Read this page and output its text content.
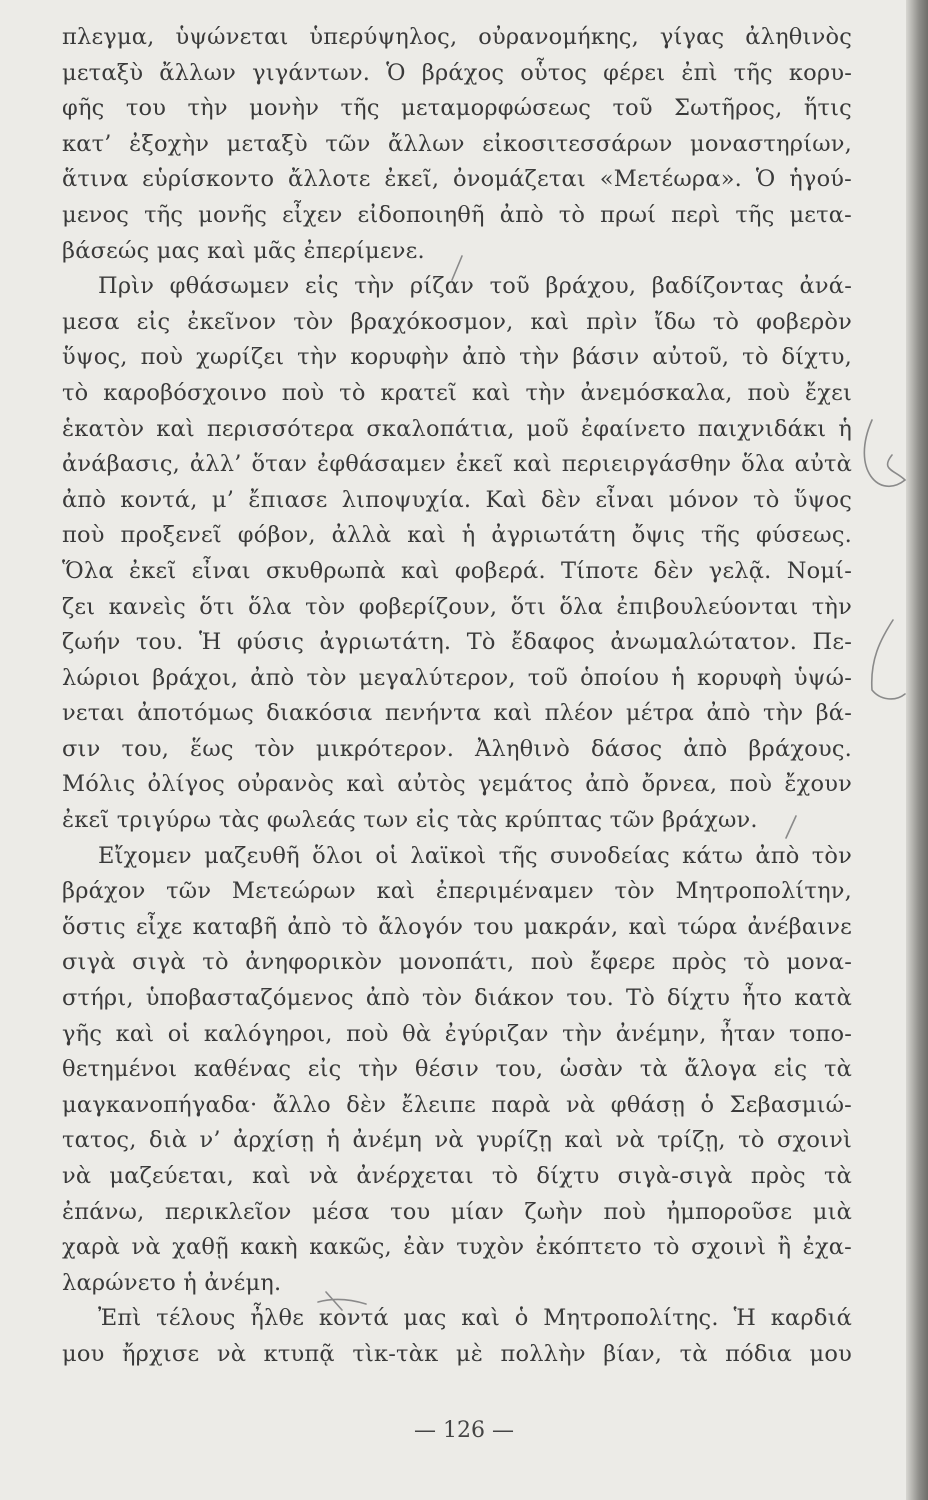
πλεγμα, ὑψώνεται ὑπερύψηλος, οὐρανομήκης, γίγας ἀληθινὸς
μεταξὺ ἄλλων γιγάντων. Ὁ βράχος οὗτος φέρει ἐπὶ τῆς κορυ-
φῆς του τὴν μονὴν τῆς μεταμορφώσεως τοῦ Σωτῆρος, ἥτις
κατ’ ἐξοχὴν μεταξὺ τῶν ἄλλων εἰκοσιτεσσάρων μοναστηρίων,
ἅτινα εὑρίσκοντο ἄλλοτε ἐκεῖ, ὀνομάζεται «Μετέωρα». Ὁ ἡγού-
μενος τῆς μονῆς εἶχεν εἰδοποιηθῆ ἀπὸ τὸ πρωί περὶ τῆς μετα-
βάσεώς μας καὶ μᾶς ἐπερίμενε.
Πρὶν φθάσωμεν εἰς τὴν ρίζαν τοῦ βράχου, βαδίζοντας ἀνά-
μεσα εἰς ἐκεῖνον τὸν βραχόκοσμον, καὶ πρὶν ἴδω τὸ φοβερὸν
ὕψος, ποὺ χωρίζει τὴν κορυφὴν ἀπὸ τὴν βάσιν αὐτοῦ, τὸ δίχτυ,
τὸ καροβόσχοινο ποὺ τὸ κρατεῖ καὶ τὴν ἀνεμόσκαλα, ποὺ ἔχει
ἑκατὸν καὶ περισσότερα σκαλοπάτια, μοῦ ἐφαίνετο παιχνιδάκι ἡ
ἀνάβασις, ἀλλ’ ὅταν ἐφθάσαμεν ἐκεῖ καὶ περιειργάσθην ὅλα αὐτὰ
ἀπὸ κοντά, μ’ ἔπιασε λιποψυχία. Καὶ δὲν εἶναι μόνον τὸ ὕψος
ποὺ προξενεῖ φόβον, ἀλλὰ καὶ ἡ ἀγριωτάτη ὄψις τῆς φύσεως.
Ὅλα ἐκεῖ εἶναι σκυθρωπὰ καὶ φοβερά. Τίποτε δὲν γελᾷ. Νομί-
ζει κανεὶς ὅτι ὅλα τὸν φοβερίζουν, ὅτι ὅλα ἐπιβουλεύονται τὴν
ζωήν του. Ἡ φύσις ἀγριωτάτη. Τὸ ἔδαφος ἀνωμαλώτατον. Πε-
λώριοι βράχοι, ἀπὸ τὸν μεγαλύτερον, τοῦ ὁποίου ἡ κορυφὴ ὑψώ-
νεται ἀποτόμως διακόσια πενήντα καὶ πλέον μέτρα ἀπὸ τὴν βά-
σιν του, ἕως τὸν μικρότερον. Ἀληθινὸ δάσος ἀπὸ βράχους.
Μόλις ὀλίγος οὐρανὸς καὶ αὐτὸς γεμάτος ἀπὸ ὄρνεα, ποὺ ἔχουν
ἐκεῖ τριγύρω τὰς φωλεάς των εἰς τὰς κρύπτας τῶν βράχων.
Εἴχομεν μαζευθῆ ὅλοι οἱ λαϊκοὶ τῆς συνοδείας κάτω ἀπὸ τὸν
βράχον τῶν Μετεώρων καὶ ἐπεριμέναμεν τὸν Μητροπολίτην,
ὅστις εἶχε καταβῆ ἀπὸ τὸ ἄλογόν του μακράν, καὶ τώρα ἀνέβαινε
σιγὰ σιγὰ τὸ ἀνηφορικὸν μονοπάτι, ποὺ ἔφερε πρὸς τὸ μονα-
στήρι, ὑποβασταζόμενος ἀπὸ τὸν διάκον του. Τὸ δίχτυ ἦτο κατὰ
γῆς καὶ οἱ καλόγηροι, ποὺ θὰ ἐγύριζαν τὴν ἀνέμην, ἦταν τοπο-
θετημένοι καθένας εἰς τὴν θέσιν του, ὡσὰν τὰ ἄλογα εἰς τὰ
μαγκανοπήγαδα· ἄλλο δὲν ἔλειπε παρὰ νὰ φθάσῃ ὁ Σεβασμιώ-
τατος, διὰ ν’ ἀρχίσῃ ἡ ἀνέμη νὰ γυρίζῃ καὶ νὰ τρίζῃ, τὸ σχοινὶ
νὰ μαζεύεται, καὶ νὰ ἀνέρχεται τὸ δίχτυ σιγὰ-σιγὰ πρὸς τὰ
ἐπάνω, περικλεῖον μέσα του μίαν ζωὴν ποὺ ἠμποροῦσε μιὰ
χαρὰ νὰ χαθῇ κακὴ κακῶς, ἐὰν τυχὸν ἐκόπτετο τὸ σχοινὶ ἢ ἐχα-
λαρώνετο ἡ ἀνέμη.
Ἐπὶ τέλους ἦλθε κοντά μας καὶ ὁ Μητροπολίτης. Ἡ καρδιά
μου ἤρχισε νὰ κτυπᾷ τὶκ-τὰκ μὲ πολλὴν βίαν, τὰ πόδια μου
— 126 —
